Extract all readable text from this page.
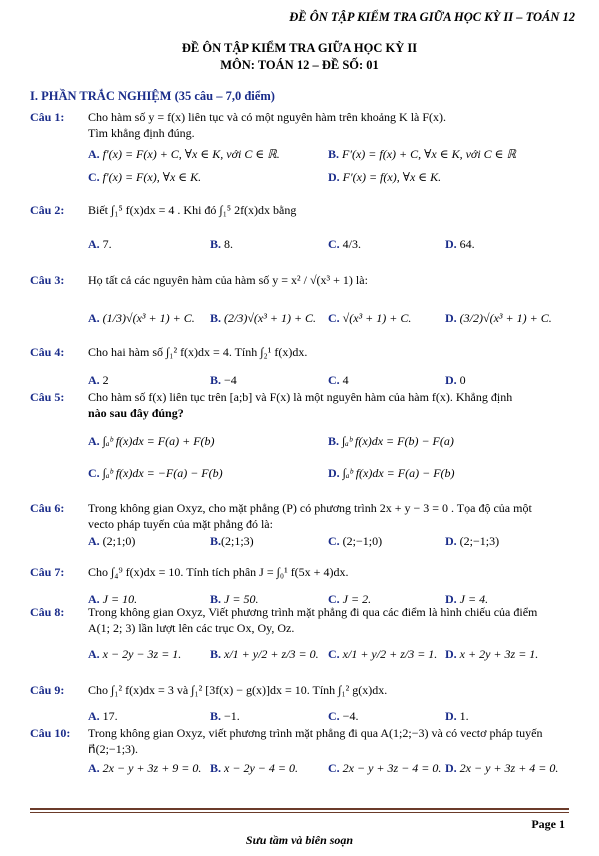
ĐỀ ÔN TẬP KIỂM TRA GIỮA HỌC KỲ II – TOÁN 12
ĐỀ ÔN TẬP KIỂM TRA GIỮA HỌC KỲ II
MÔN: TOÁN 12 – ĐỀ SỐ: 01
I. PHẦN TRẮC NGHIỆM (35 câu – 7,0 điểm)
Câu 1: Cho hàm số y = f(x) liên tục và có một nguyên hàm trên khoảng K là F(x).
Tìm khẳng định đúng.
A. f′(x) = F(x) + C, ∀x ∈ K, với C ∈ ℝ.	B. F′(x) = f(x) + C, ∀x ∈ K, với C ∈ ℝ
C. f′(x) = F(x), ∀x ∈ K.	D. F′(x) = f(x), ∀x ∈ K.
Câu 2: Biết ∫₁⁵ f(x)dx = 4 . Khi đó ∫₁⁵ 2f(x)dx bằng
A. 7.	B. 8.	C. 4/3.	D. 64.
Câu 3: Họ tất cả các nguyên hàm của hàm số y = x² / √(x³ + 1) là:
A. (1/3)√(x³ + 1) + C. B. (2/3)√(x³ + 1) + C. C. √(x³ + 1) + C.	D. (3/2)√(x³ + 1) + C.
Câu 4: Cho hai hàm số ∫₁² f(x)dx = 4. Tính ∫₂¹ f(x)dx.
A. 2	B. −4	C. 4	D. 0
Câu 5: Cho hàm số f(x) liên tục trên [a;b] và F(x) là một nguyên hàm của hàm f(x). Khẳng định
nào sau đây đúng?
A. ∫ₐᵇ f(x)dx = F(a) + F(b)	B. ∫ₐᵇ f(x)dx = F(b) − F(a)
C. ∫ₐᵇ f(x)dx = −F(a) − F(b)	D. ∫ₐᵇ f(x)dx = F(a) − F(b)
Câu 6: Trong không gian Oxyz, cho mặt phẳng (P) có phương trình 2x + y − 3 = 0 . Tọa độ của một
vecto pháp tuyến của mặt phẳng đó là:
A. (2;1;0)	B.(2;1;3)	C. (2;−1;0)	D. (2;−1;3)
Câu 7: Cho ∫₄⁹ f(x)dx = 10. Tính tích phân J = ∫₀¹ f(5x + 4)dx.
A. J = 10.	B. J = 50.	C. J = 2.	D. J = 4.
Câu 8: Trong không gian Oxyz, Viết phương trình mặt phẳng đi qua các điểm là hình chiếu của điểm
A(1; 2; 3) lần lượt lên các trục Ox, Oy, Oz.
A. x − 2y − 3z = 1. B. x/1 + y/2 + z/3 = 0. C. x/1 + y/2 + z/3 = 1. D. x + 2y + 3z = 1.
Câu 9: Cho ∫₁² f(x)dx = 3 và ∫₁² [3f(x) − g(x)]dx = 10. Tính ∫₁² g(x)dx.
A. 17.	B. −1.	C. −4.	D. 1.
Câu 10: Trong không gian Oxyz, viết phương trình mặt phẳng đi qua A(1;2;−3) và có vectơ pháp tuyến
n⃗(2;−1;3).
A. 2x − y + 3z + 9 = 0. B. x − 2y − 4 = 0.	C. 2x − y + 3z − 4 = 0. D. 2x − y + 3z + 4 = 0.
Page 1
Sưu tầm và biên soạn
